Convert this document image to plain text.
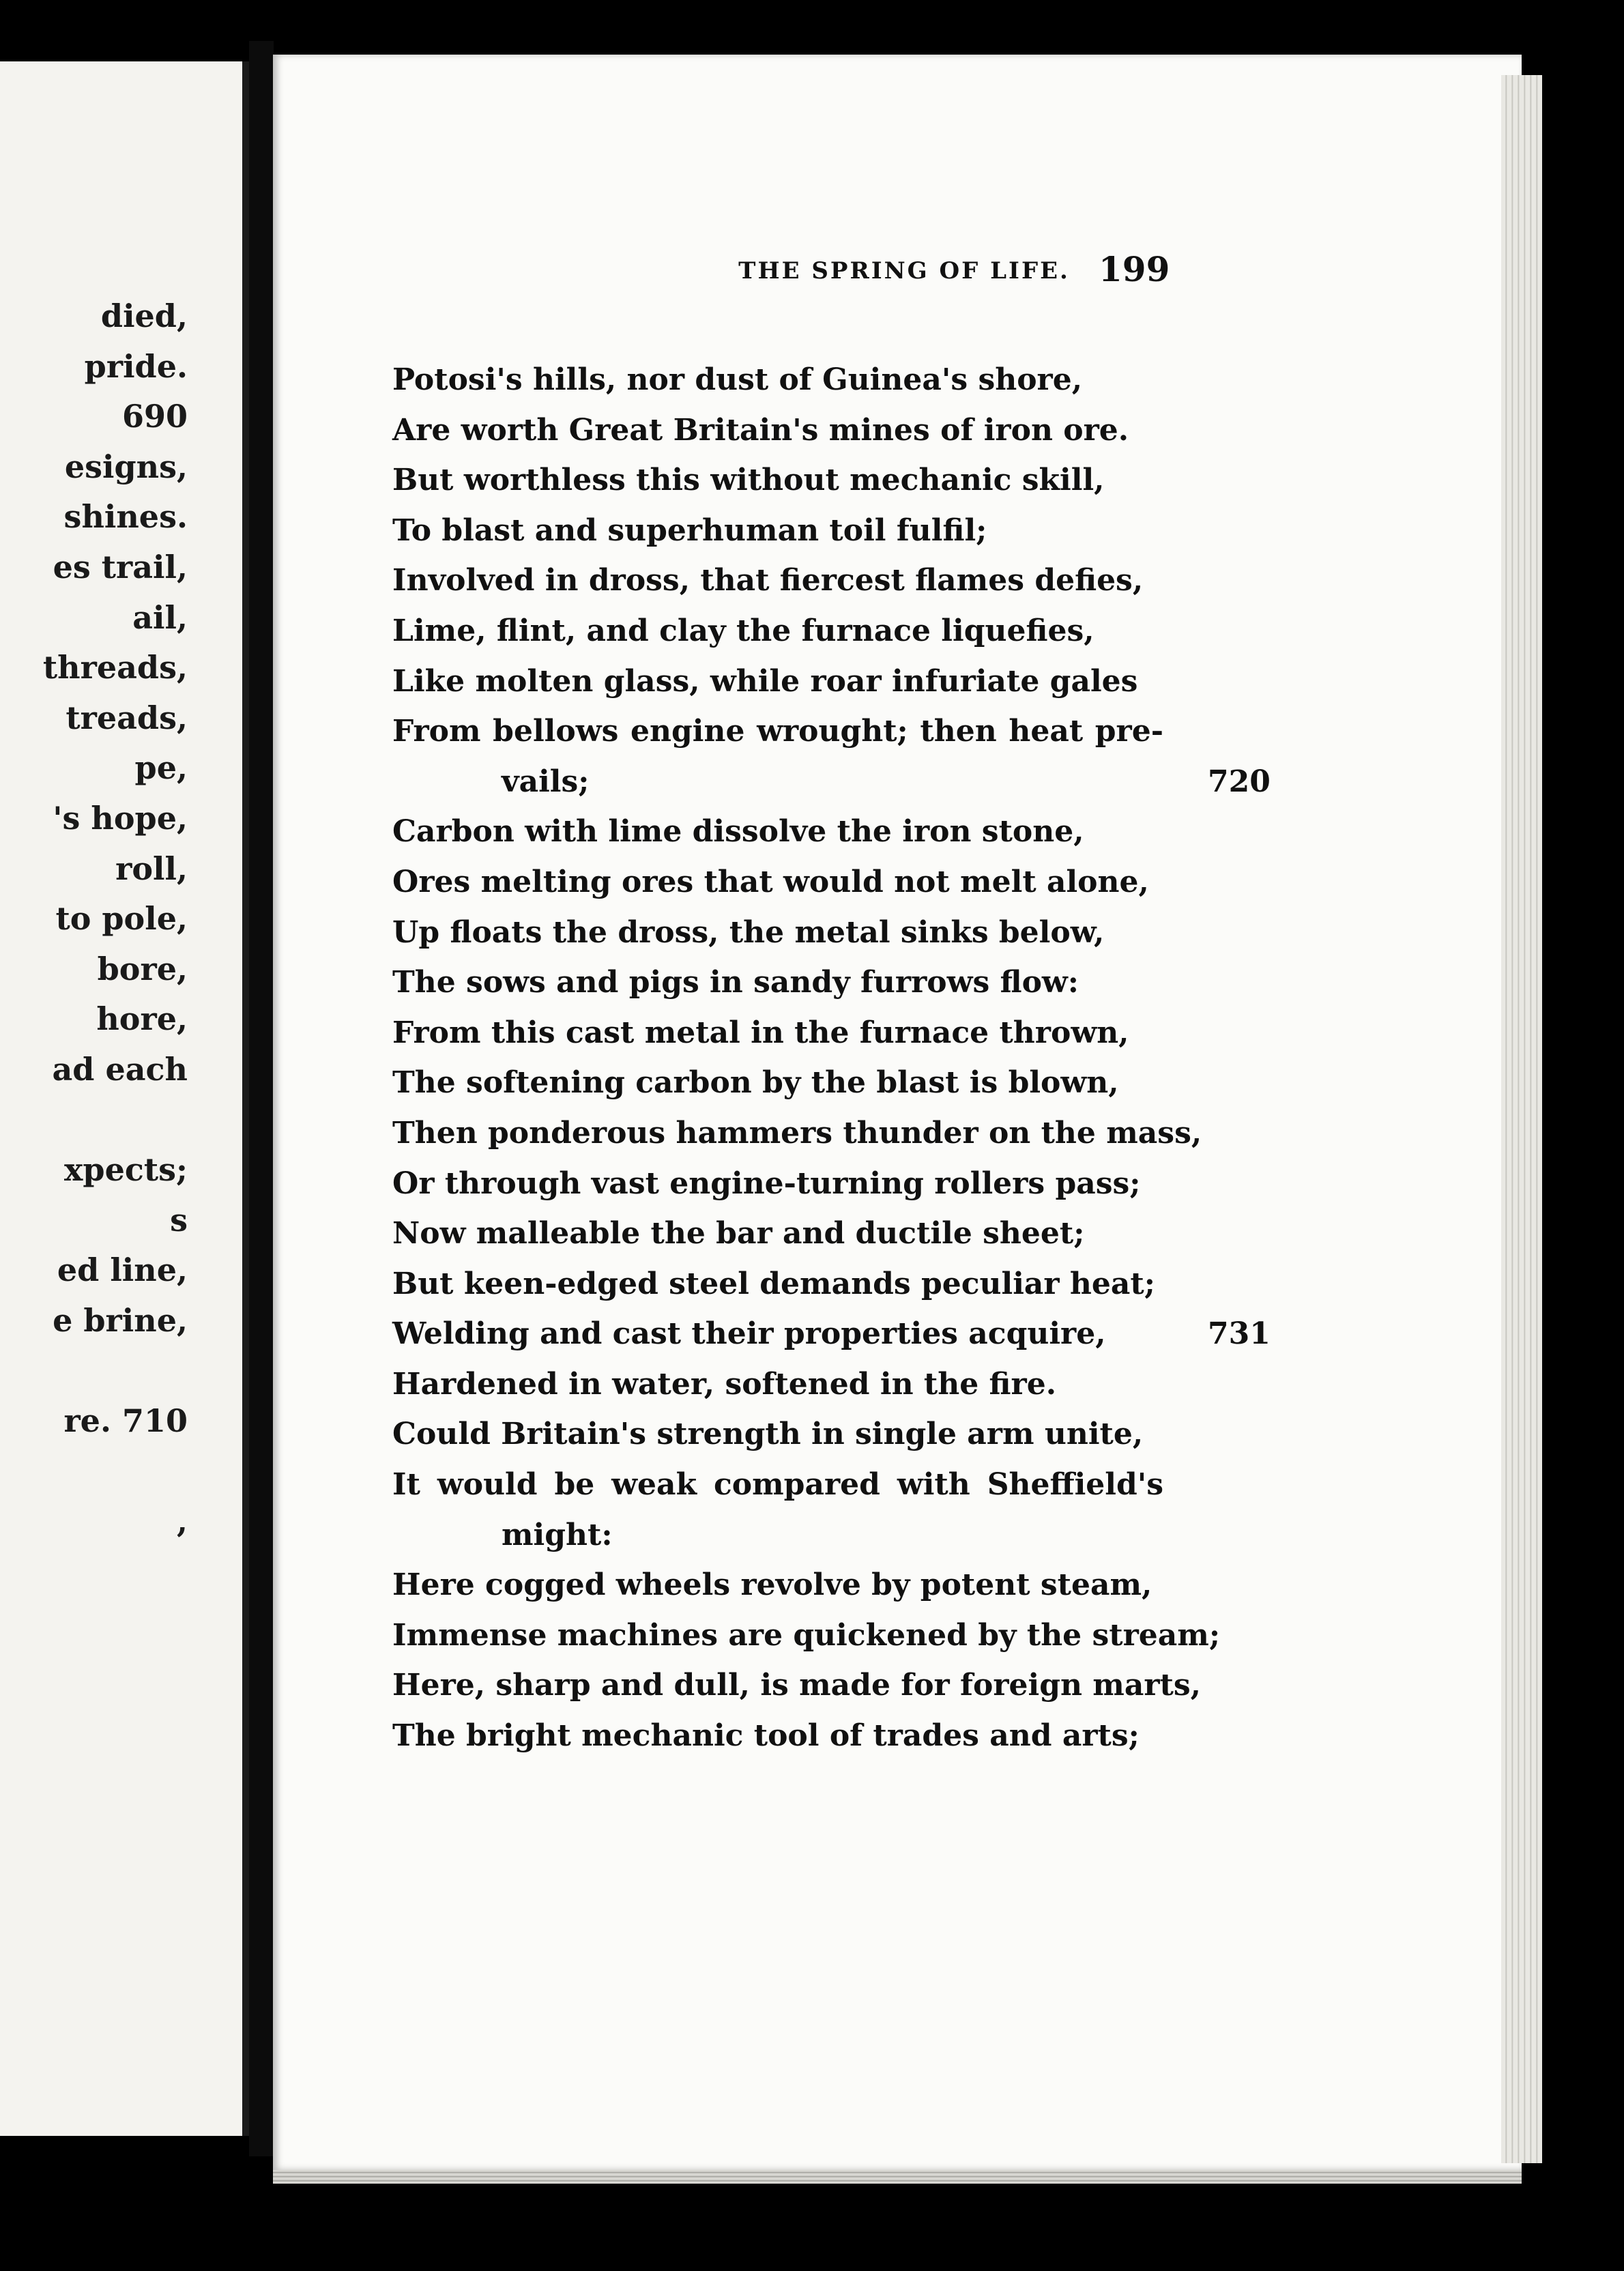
died,
pride.
690
esigns,
shines.
es trail,
ail,
threads,
treads,
pe,
's hope,
roll,
to pole,
bore,
hore,
ad each
xpects;
s
ed line,
e brine,
re. 710
,
THE SPRING OF LIFE. 199
Potosi's hills, nor dust of Guinea's shore,
Are worth Great Britain's mines of iron ore.
But worthless this without mechanic skill,
To blast and superhuman toil fulfil;
Involved in dross, that fiercest flames defies,
Lime, flint, and clay the furnace liquefies,
Like molten glass, while roar infuriate gales
From bellows engine wrought; then heat pre-
vails;	720
Carbon with lime dissolve the iron stone,
Ores melting ores that would not melt alone,
Up floats the dross, the metal sinks below,
The sows and pigs in sandy furrows flow:
From this cast metal in the furnace thrown,
The softening carbon by the blast is blown,
Then ponderous hammers thunder on the mass,
Or through vast engine-turning rollers pass;
Now malleable the bar and ductile sheet;
But keen-edged steel demands peculiar heat;
Welding and cast their properties acquire,	731
Hardened in water, softened in the fire.
Could Britain's strength in single arm unite,
It would be weak compared with Sheffield's
might:
Here cogged wheels revolve by potent steam,
Immense machines are quickened by the stream;
Here, sharp and dull, is made for foreign marts,
The bright mechanic tool of trades and arts;
